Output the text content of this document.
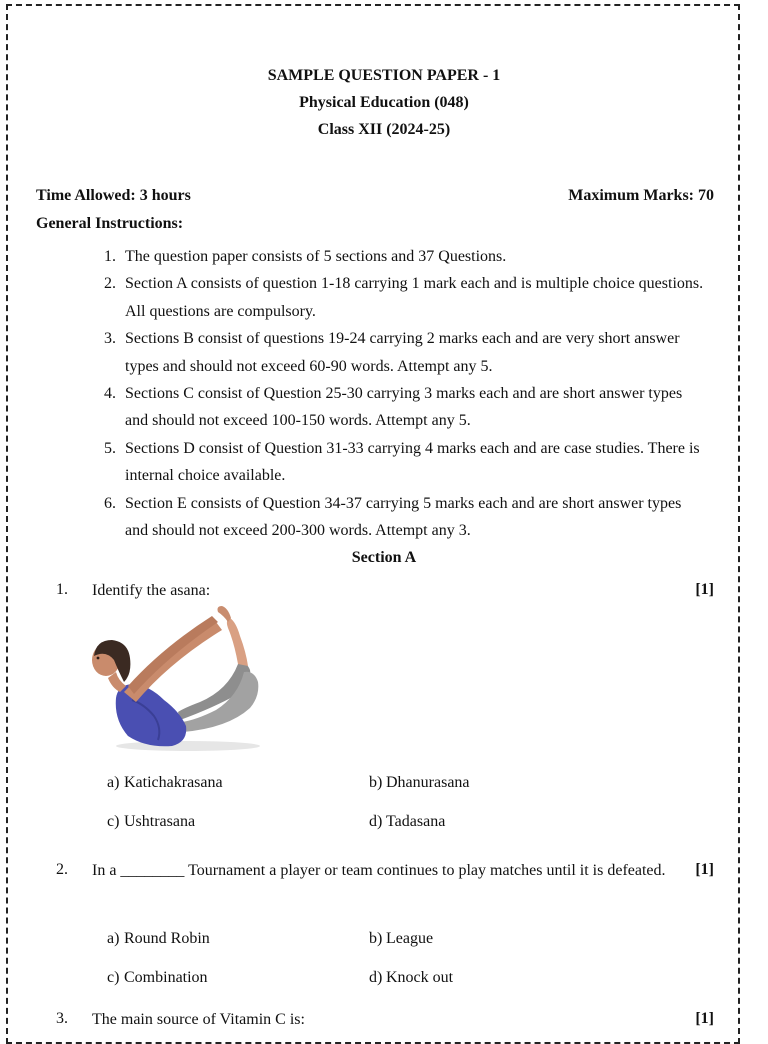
SAMPLE QUESTION PAPER - 1
Physical Education (048)
Class XII (2024-25)
Time Allowed: 3 hours	Maximum Marks: 70
General Instructions:
1. The question paper consists of 5 sections and 37 Questions.
2. Section A consists of question 1-18 carrying 1 mark each and is multiple choice questions. All questions are compulsory.
3. Sections B consist of questions 19-24 carrying 2 marks each and are very short answer types and should not exceed 60-90 words. Attempt any 5.
4. Sections C consist of Question 25-30 carrying 3 marks each and are short answer types and should not exceed 100-150 words. Attempt any 5.
5. Sections D consist of Question 31-33 carrying 4 marks each and are case studies. There is internal choice available.
6. Section E consists of Question 34-37 carrying 5 marks each and are short answer types and should not exceed 200-300 words. Attempt any 3.
Section A
1. Identify the asana:	[1]
a) Katichakrasana	b) Dhanurasana
c) Ushtrasana	d) Tadasana
2. In a ________ Tournament a player or team continues to play matches until it is defeated. [1]
a) Round Robin	b) League
c) Combination	d) Knock out
3. The main source of Vitamin C is:	[1]
